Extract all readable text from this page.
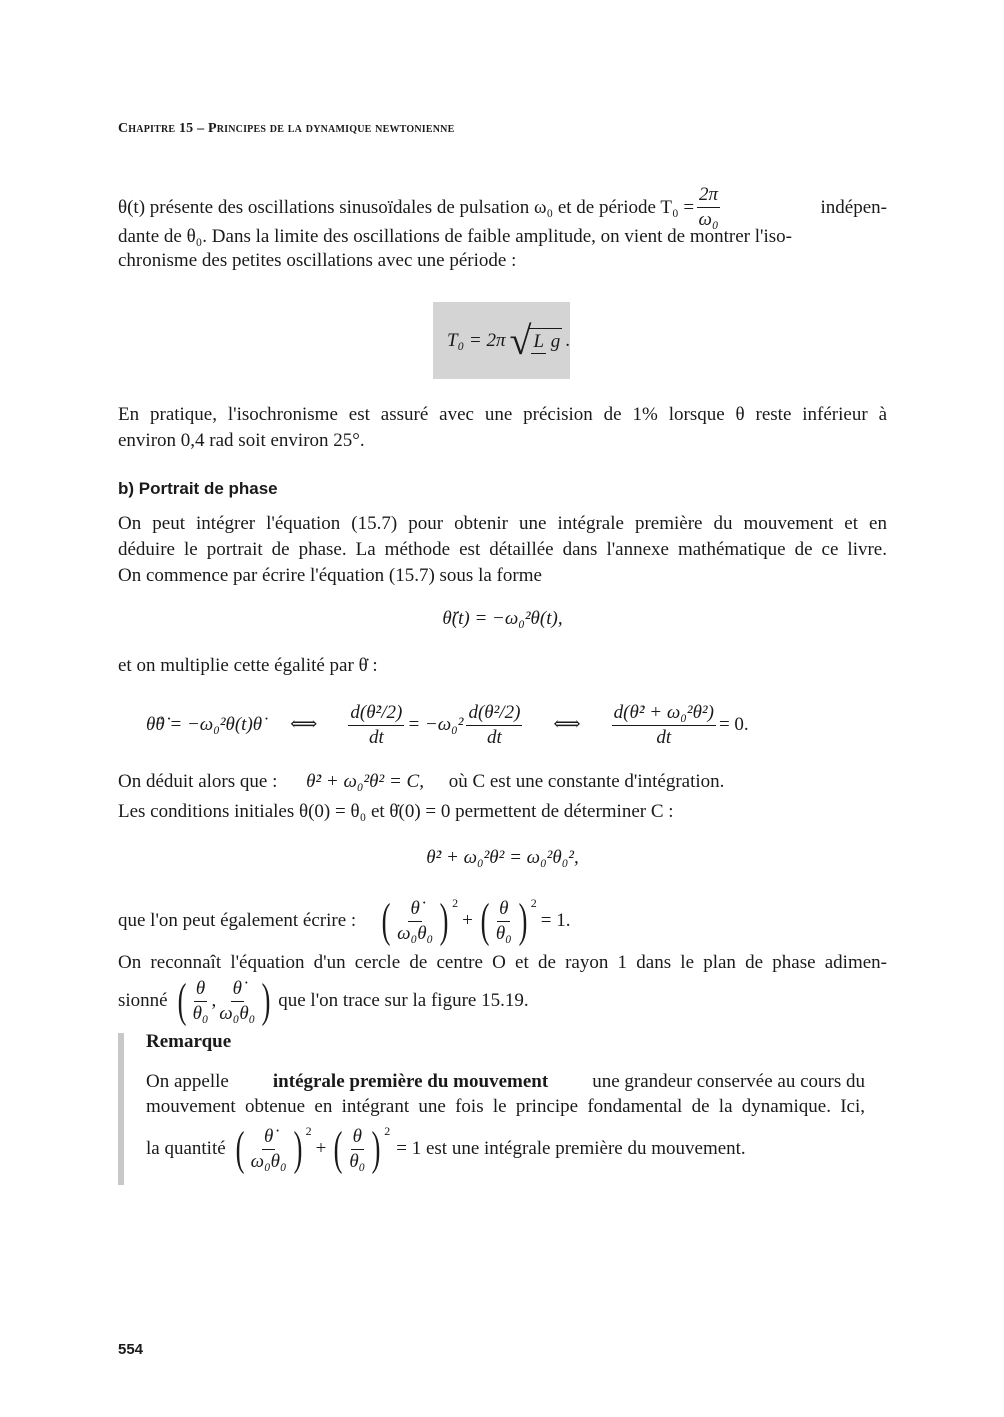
Chapitre 15 – Principes de la dynamique newtonienne
θ(t) présente des oscillations sinusoïdales de pulsation ω₀ et de période $T_0 = \frac{2\pi}{\text{ω₀}}$	indépen-
dante de θ₀. Dans la limite des oscillations de faible amplitude, on vient de montrer l'iso-
chronisme des petites oscillations avec une période :
T₀ = 2π √ L g .
En pratique, l'isochronisme est assuré avec une précision de 1% lorsque θ reste inférieur à
environ 0,4 rad soit environ 25°.
b) Portrait de phase
On peut intégrer l'équation (15.7) pour obtenir une intégrale première du mouvement et en
déduire le portrait de phase. La méthode est détaillée dans l'annexe mathématique de ce livre.
On commence par écrire l'équation (15.7) sous la forme
θ̈(t) = −ω₀²θ(t),
et on multiplie cette égalité par θ̇ :
θ̈θ̇ = −ω₀²θ(t)θ̇ ⟺ $\frac{\text{d(θ̇²/2)}}{dt} = -\omega_0^2 \frac{\text{d(θ²/2)}}{dt}$ ⟺ $\frac{\text{d(θ̇² + ω₀²θ²)}}{dt} = 0$.
On déduit alors que : θ̇² + ω₀²θ² = C, où C est une constante d'intégration.
Les conditions initiales θ(0) = θ₀ et θ̇(0) = 0 permettent de déterminer C :
θ̇² + ω₀²θ² = ω₀²θ₀²,
que l'on peut également écrire : ( $\frac{\thetȧ}{\text{ω₀θ₀}}$ ) 2
+ ( $\frac{\theta}{\text{θ₀}}$ ) 2
= 1.
On reconnaît l'équation d'un cercle de centre O et de rayon 1 dans le plan de phase adimen-
sionné ( $\frac{\theta}{\text{θ₀}}$ , $\frac{\thetȧ}{\text{ω₀θ₀}}$ ) que l'on trace sur la figure 15.19.
Remarque
On appelle intégrale première du mouvement une grandeur conservée au cours du
mouvement obtenue en intégrant une fois le principe fondamental de la dynamique. Ici,
la quantité ( $\frac{\thetȧ}{\text{ω₀θ₀}}$ ) 2
+ ( $\frac{\theta}{\text{θ₀}}$ ) 2
= 1 est une intégrale première du mouvement.
554
